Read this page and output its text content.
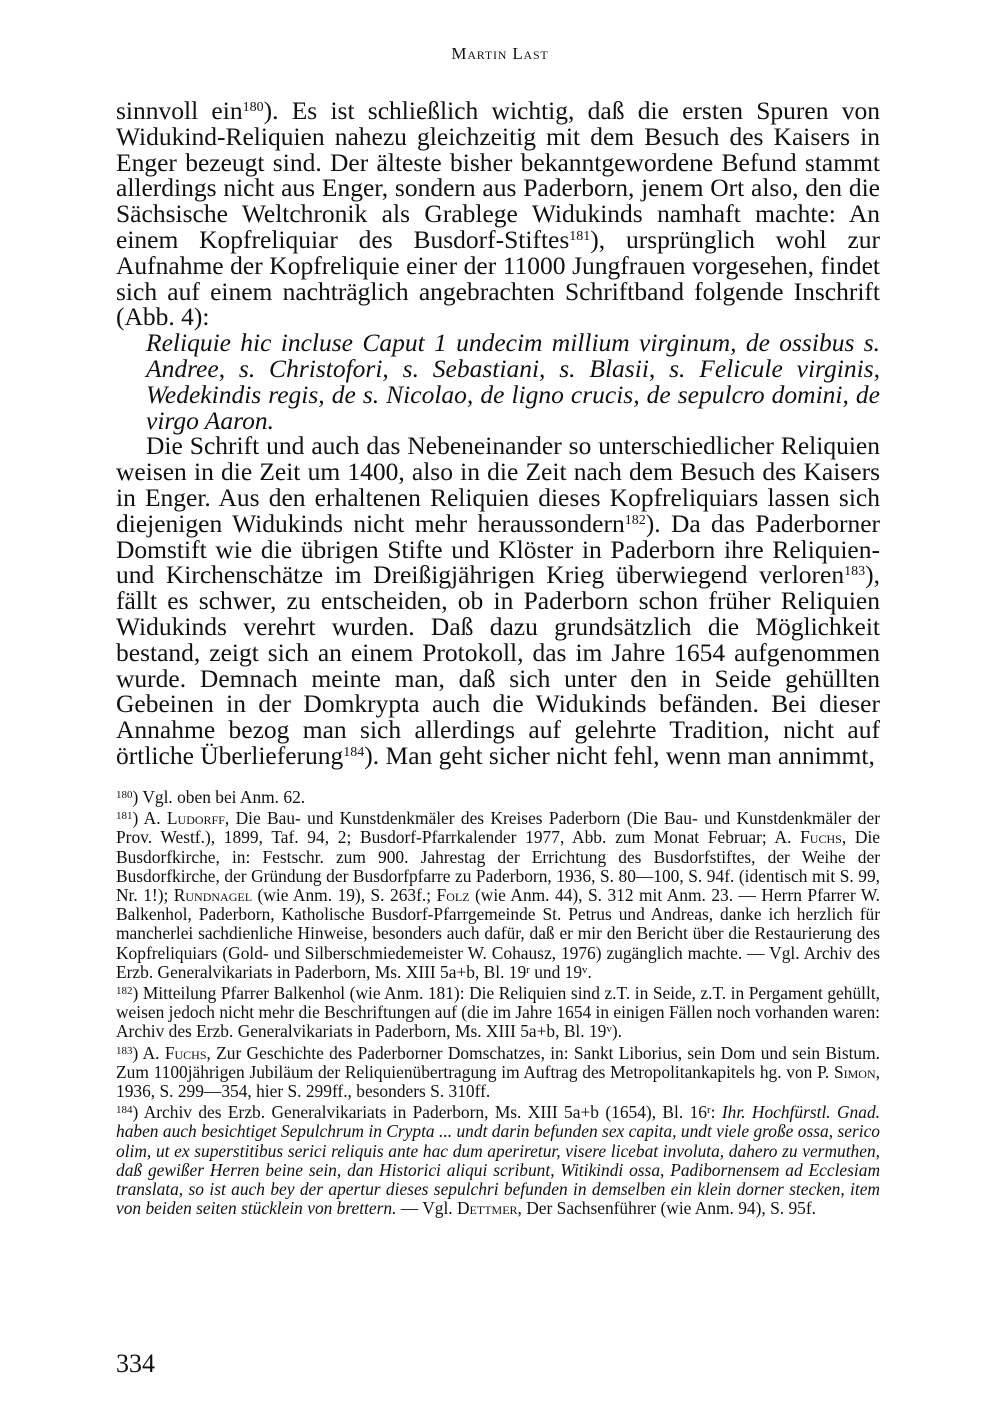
Martin Last

sinnvoll ein$^{180}$). Es ist schließlich wichtig, daß die ersten Spuren von Widukind-Reliquien nahezu gleichzeitig mit dem Besuch des Kaisers in Enger bezeugt sind. Der älteste bisher bekanntgewordene Befund stammt allerdings nicht aus Enger, sondern aus Paderborn, jenem Ort also, den die Sächsische Weltchronik als Grablege Widukinds namhaft machte: An einem Kopfreliquiar des Busdorf-Stiftes$^{181}$), ursprünglich wohl zur Aufnahme der Kopfreliquie einer der 11000 Jungfrauen vorgesehen, findet sich auf einem nachträglich angebrachten Schriftband folgende Inschrift (Abb. 4):

Reliquie hic incluse Caput 1 undecim millium virginum, de ossibus s. Andree, s. Christofori, s. Sebastiani, s. Blasii, s. Felicule virginis, Wedekindis regis, de s. Nicolao, de ligno crucis, de sepulcro domini, de virgo Aaron.

Die Schrift und auch das Nebeneinander so unterschiedlicher Reliquien weisen in die Zeit um 1400, also in die Zeit nach dem Besuch des Kaisers in Enger. Aus den erhaltenen Reliquien dieses Kopfreliquiars lassen sich diejenigen Widukinds nicht mehr heraussondern$^{182}$). Da das Paderborner Domstift wie die übrigen Stifte und Klöster in Paderborn ihre Reliquien- und Kirchenschätze im Dreißigjährigen Krieg überwiegend verloren$^{183}$), fällt es schwer, zu entscheiden, ob in Paderborn schon früher Reliquien Widukinds verehrt wurden. Daß dazu grundsätzlich die Möglichkeit bestand, zeigt sich an einem Protokoll, das im Jahre 1654 aufgenommen wurde. Demnach meinte man, daß sich unter den in Seide gehüllten Gebeinen in der Domkrypta auch die Widukinds befänden. Bei dieser Annahme bezog man sich allerdings auf gelehrte Tradition, nicht auf örtliche Überlieferung$^{184}$). Man geht sicher nicht fehl, wenn man annimmt,

$^{180}$) Vgl. oben bei Anm. 62.

$^{181}$) A. Ludorff, Die Bau- und Kunstdenkmäler des Kreises Paderborn (Die Bau- und Kunstdenkmäler der Prov. Westf.), 1899, Taf. 94, 2; Busdorf-Pfarrkalender 1977, Abb. zum Monat Februar; A. Fuchs, Die Busdorfkirche, in: Festschr. zum 900. Jahrestag der Errichtung des Busdorfstiftes, der Weihe der Busdorfkirche, der Gründung der Busdorfpfarre zu Paderborn, 1936, S. 80—100, S. 94f. (identisch mit S. 99, Nr. 1!); Rundnagel (wie Anm. 19), S. 263f.; Folz (wie Anm. 44), S. 312 mit Anm. 23. — Herrn Pfarrer W. Balkenhol, Paderborn, Katholische Busdorf-Pfarrgemeinde St. Petrus und Andreas, danke ich herzlich für mancherlei sachdienliche Hinweise, besonders auch dafür, daß er mir den Bericht über die Restaurierung des Kopfreliquiars (Gold- und Silberschmiedemeister W. Cohausz, 1976) zugänglich machte. — Vgl. Archiv des Erzb. Generalvikariats in Paderborn, Ms. XIII 5a+b, Bl. 19$^r$ und 19$^v$.

$^{182}$) Mitteilung Pfarrer Balkenhol (wie Anm. 181): Die Reliquien sind z.T. in Seide, z.T. in Pergament gehüllt, weisen jedoch nicht mehr die Beschriftungen auf (die im Jahre 1654 in einigen Fällen noch vorhanden waren: Archiv des Erzb. Generalvikariats in Paderborn, Ms. XIII 5a+b, Bl. 19$^v$).

$^{183}$) A. Fuchs, Zur Geschichte des Paderborner Domschatzes, in: Sankt Liborius, sein Dom und sein Bistum. Zum 1100jährigen Jubiläum der Reliquienübertragung im Auftrag des Metropolitankapitels hg. von P. Simon, 1936, S. 299—354, hier S. 299ff., besonders S. 310ff.

$^{184}$) Archiv des Erzb. Generalvikariats in Paderborn, Ms. XIII 5a+b (1654), Bl. 16$^r$: Ihr. Hochfürstl. Gnad. haben auch besichtiget Sepulchrum in Crypta ... undt darin befunden sex capita, undt viele große ossa, serico olim, ut ex superstitibus serici reliquis ante hac dum aperiretur, visere licebat involuta, dahero zu vermuthen, daß gewißer Herren beine sein, dan Historici aliqui scribunt, Witikindi ossa, Padibornensem ad Ecclesiam translata, so ist auch bey der apertur dieses sepulchri befunden in demselben ein klein dorner stecken, item von beiden seiten stücklein von brettern. — Vgl. Dettmer, Der Sachsenführer (wie Anm. 94), S. 95f.

334
